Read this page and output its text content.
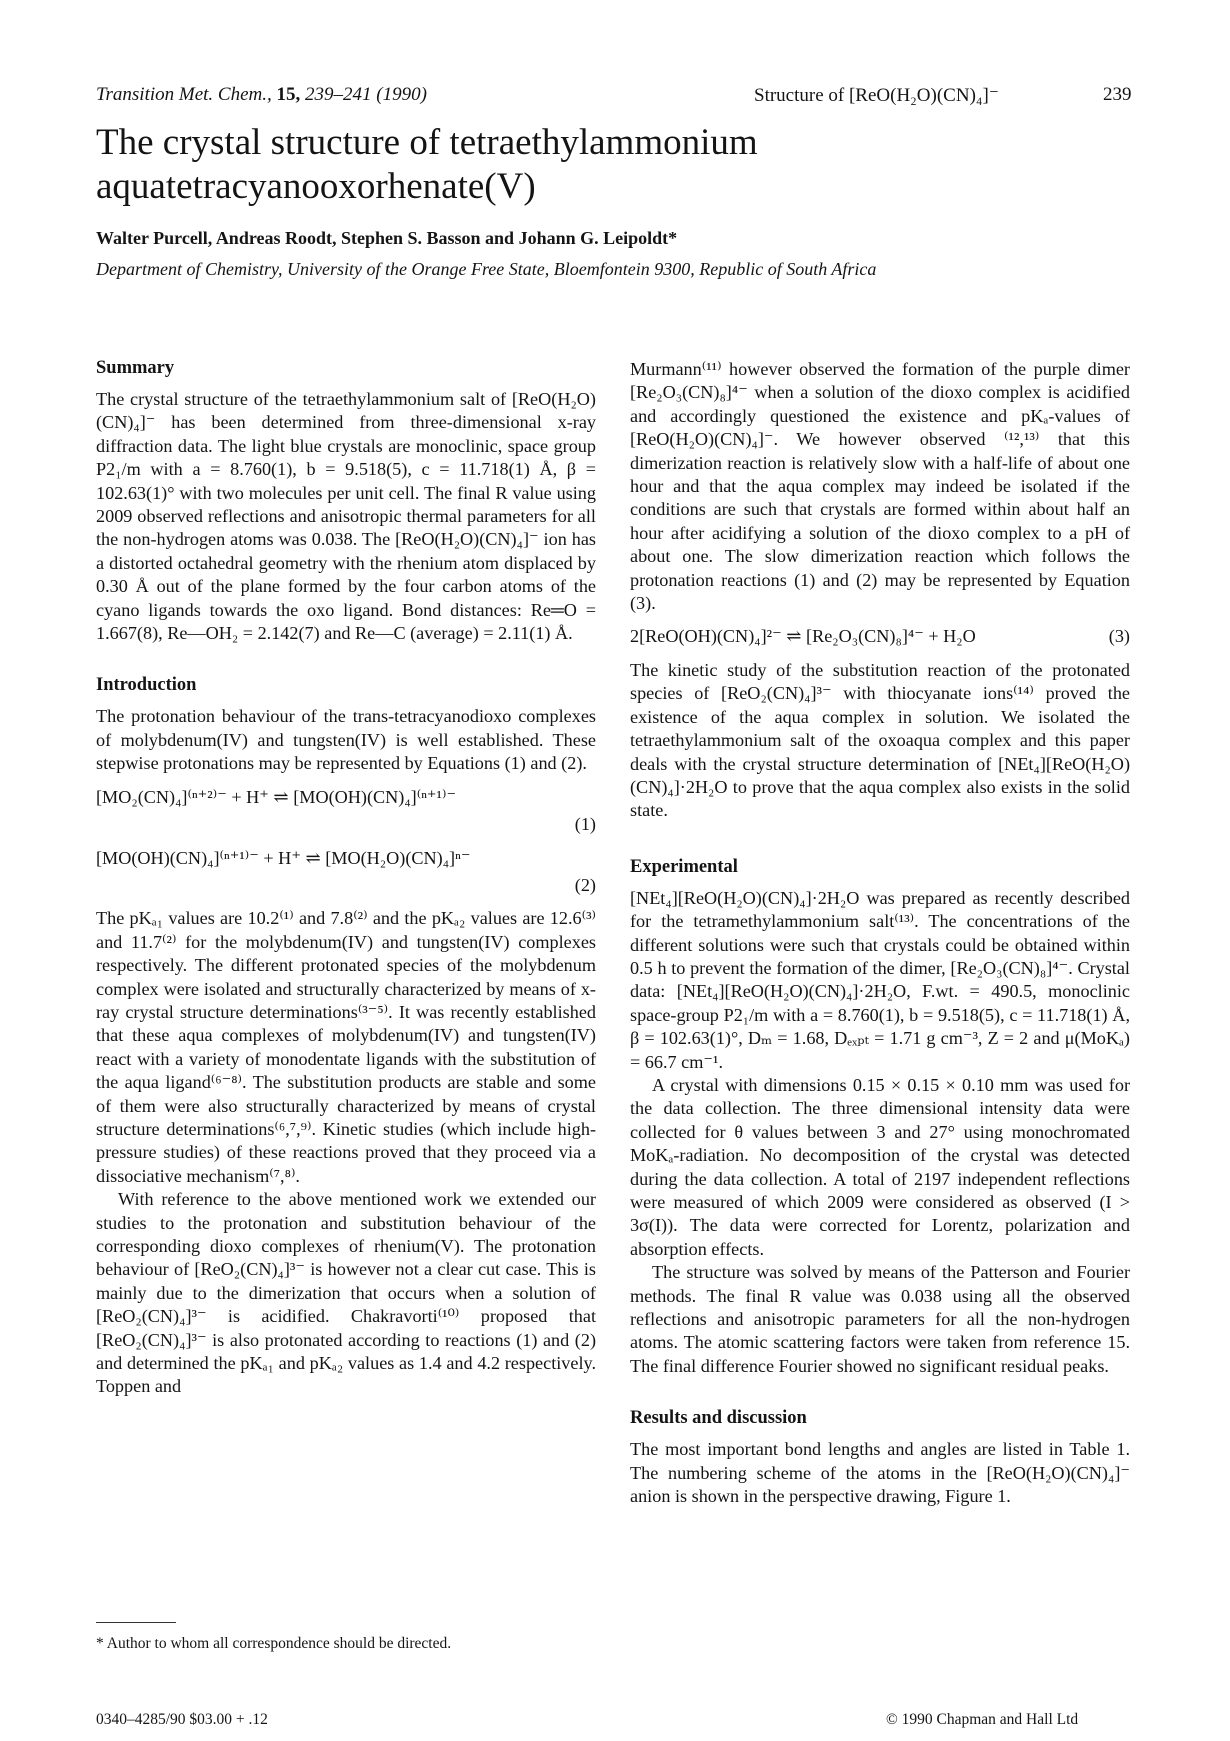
Transition Met. Chem., 15, 239–241 (1990)	Structure of [ReO(H₂O)(CN)₄]⁻	239
The crystal structure of tetraethylammonium aquatetracyanooxorhenate(V)
Walter Purcell, Andreas Roodt, Stephen S. Basson and Johann G. Leipoldt*
Department of Chemistry, University of the Orange Free State, Bloemfontein 9300, Republic of South Africa
Summary

The crystal structure of the tetraethylammonium salt of [ReO(H₂O)(CN)₄]⁻ has been determined from three-dimensional x-ray diffraction data. The light blue crystals are monoclinic, space group P2₁/m with a = 8.760(1), b = 9.518(5), c = 11.718(1) Å, β = 102.63(1)° with two molecules per unit cell. The final R value using 2009 observed reflections and anisotropic thermal parameters for all the non-hydrogen atoms was 0.038. The [ReO(H₂O)(CN)₄]⁻ ion has a distorted octahedral geometry with the rhenium atom displaced by 0.30 Å out of the plane formed by the four carbon atoms of the cyano ligands towards the oxo ligand. Bond distances: Re═O = 1.667(8), Re—OH₂ = 2.142(7) and Re—C (average) = 2.11(1) Å.

Introduction

The protonation behaviour of the trans-tetracyanodioxo complexes of molybdenum(IV) and tungsten(IV) is well established. These stepwise protonations may be represented by Equations (1) and (2).

[MO₂(CN)₄]⁽ⁿ⁺²⁾⁻ + H⁺ ⇌ [MO(OH)(CN)₄]⁽ⁿ⁺¹⁾⁻
(1)
[MO(OH)(CN)₄]⁽ⁿ⁺¹⁾⁻ + H⁺ ⇌ [MO(H₂O)(CN)₄]ⁿ⁻
(2)

The pKₐ₁ values are 10.2⁽¹⁾ and 7.8⁽²⁾ and the pKₐ₂ values are 12.6⁽³⁾ and 11.7⁽²⁾ for the molybdenum(IV) and tungsten(IV) complexes respectively. The different protonated species of the molybdenum complex were isolated and structurally characterized by means of x-ray crystal structure determinations⁽³⁻⁵⁾. It was recently established that these aqua complexes of molybdenum(IV) and tungsten(IV) react with a variety of monodentate ligands with the substitution of the aqua ligand⁽⁶⁻⁸⁾. The substitution products are stable and some of them were also structurally characterized by means of crystal structure determinations⁽⁶,⁷,⁹⁾. Kinetic studies (which include high-pressure studies) of these reactions proved that they proceed via a dissociative mechanism⁽⁷,⁸⁾.

With reference to the above mentioned work we extended our studies to the protonation and substitution behaviour of the corresponding dioxo complexes of rhenium(V). The protonation behaviour of [ReO₂(CN)₄]³⁻ is however not a clear cut case. This is mainly due to the dimerization that occurs when a solution of [ReO₂(CN)₄]³⁻ is acidified. Chakravorti⁽¹⁰⁾ proposed that [ReO₂(CN)₄]³⁻ is also protonated according to reactions (1) and (2) and determined the pKₐ₁ and pKₐ₂ values as 1.4 and 4.2 respectively. Toppen and

Murmann⁽¹¹⁾ however observed the formation of the purple dimer [Re₂O₃(CN)₈]⁴⁻ when a solution of the dioxo complex is acidified and accordingly questioned the existence and pKₐ-values of [ReO(H₂O)(CN)₄]⁻. We however observed ⁽¹²,¹³⁾ that this dimerization reaction is relatively slow with a half-life of about one hour and that the aqua complex may indeed be isolated if the conditions are such that crystals are formed within about half an hour after acidifying a solution of the dioxo complex to a pH of about one. The slow dimerization reaction which follows the protonation reactions (1) and (2) may be represented by Equation (3).

2[ReO(OH)(CN)₄]²⁻ ⇌ [Re₂O₃(CN)₈]⁴⁻ + H₂O	(3)

The kinetic study of the substitution reaction of the protonated species of [ReO₂(CN)₄]³⁻ with thiocyanate ions⁽¹⁴⁾ proved the existence of the aqua complex in solution. We isolated the tetraethylammonium salt of the oxoaqua complex and this paper deals with the crystal structure determination of [NEt₄][ReO(H₂O)(CN)₄]·2H₂O to prove that the aqua complex also exists in the solid state.

Experimental

[NEt₄][ReO(H₂O)(CN)₄]·2H₂O was prepared as recently described for the tetramethylammonium salt⁽¹³⁾. The concentrations of the different solutions were such that crystals could be obtained within 0.5 h to prevent the formation of the dimer, [Re₂O₃(CN)₈]⁴⁻. Crystal data: [NEt₄][ReO(H₂O)(CN)₄]·2H₂O, F.wt. = 490.5, monoclinic space-group P2₁/m with a = 8.760(1), b = 9.518(5), c = 11.718(1) Å, β = 102.63(1)°, Dₘ = 1.68, Dₑₓₚₜ = 1.71 g cm⁻³, Z = 2 and μ(MoKₐ) = 66.7 cm⁻¹.

A crystal with dimensions 0.15 × 0.15 × 0.10 mm was used for the data collection. The three dimensional intensity data were collected for θ values between 3 and 27° using monochromated MoKₐ-radiation. No decomposition of the crystal was detected during the data collection. A total of 2197 independent reflections were measured of which 2009 were considered as observed (I > 3σ(I)). The data were corrected for Lorentz, polarization and absorption effects.

The structure was solved by means of the Patterson and Fourier methods. The final R value was 0.038 using all the observed reflections and anisotropic parameters for all the non-hydrogen atoms. The atomic scattering factors were taken from reference 15. The final difference Fourier showed no significant residual peaks.

Results and discussion

The most important bond lengths and angles are listed in Table 1. The numbering scheme of the atoms in the [ReO(H₂O)(CN)₄]⁻ anion is shown in the perspective drawing, Figure 1.

* Author to whom all correspondence should be directed.
0340–4285/90 $03.00 + .12	© 1990 Chapman and Hall Ltd
